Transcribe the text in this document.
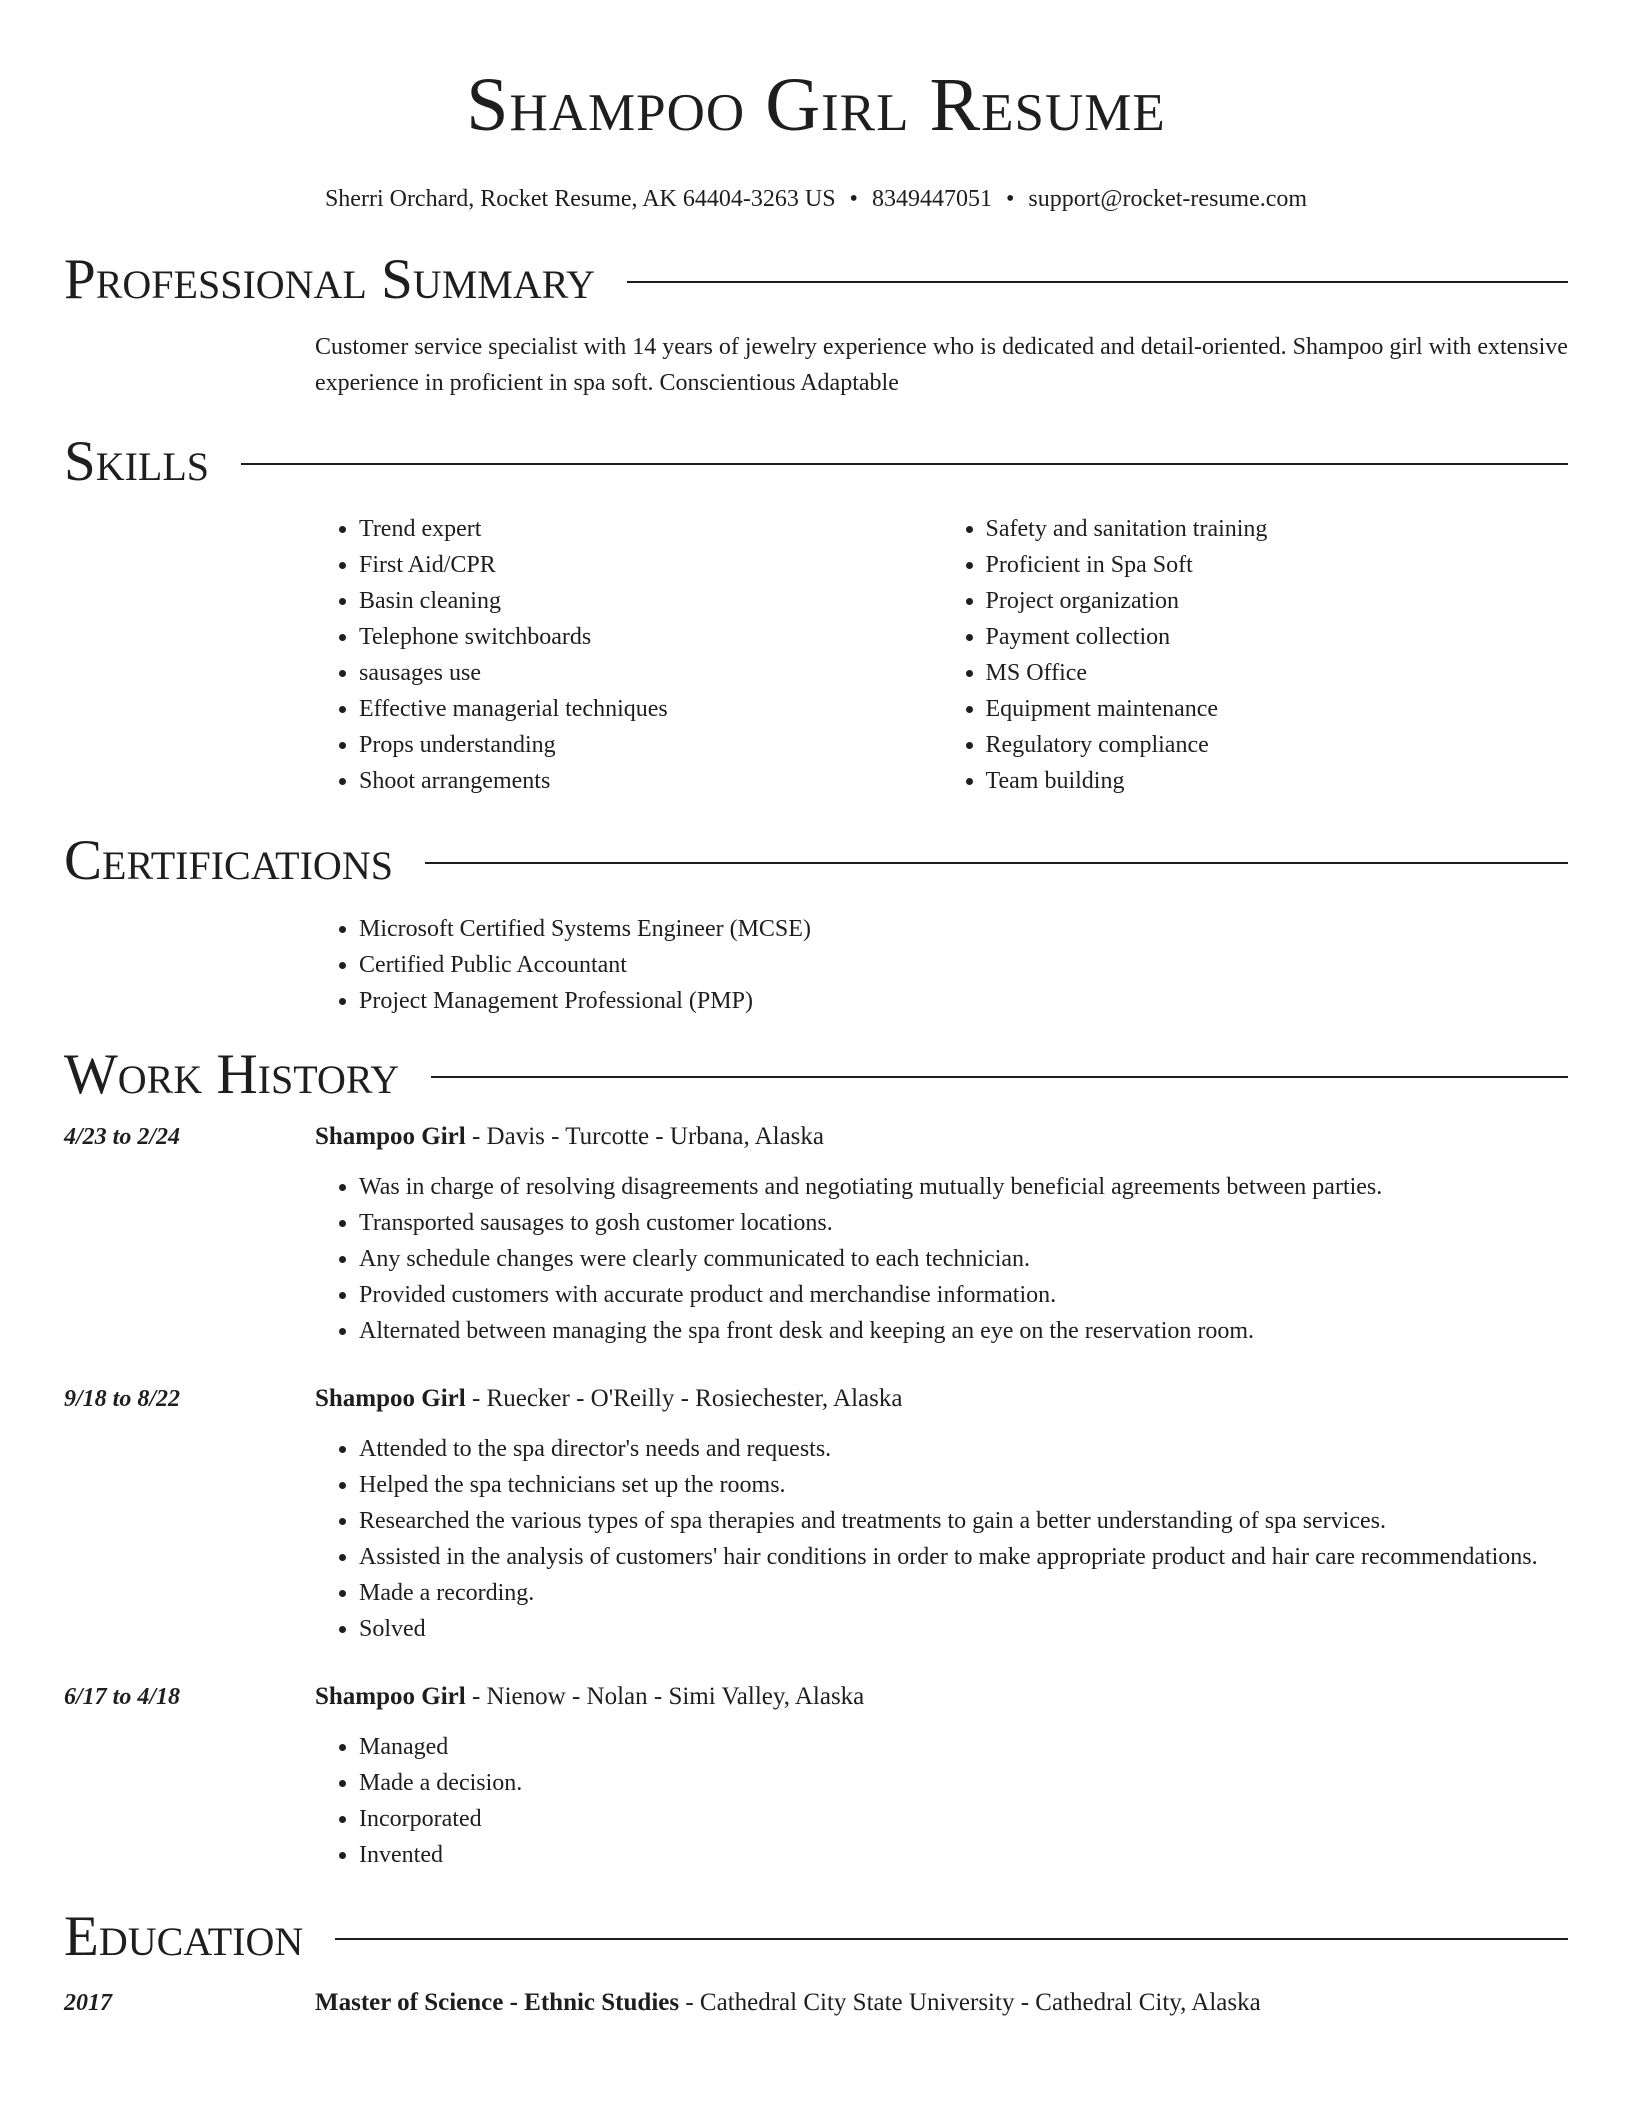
Shampoo Girl Resume
Sherri Orchard, Rocket Resume, AK 64404-3263 US • 8349447051 • support@rocket-resume.com
Professional Summary
Customer service specialist with 14 years of jewelry experience who is dedicated and detail-oriented. Shampoo girl with extensive experience in proficient in spa soft. Conscientious Adaptable
Skills
• Trend expert
• First Aid/CPR
• Basin cleaning
• Telephone switchboards
• sausages use
• Effective managerial techniques
• Props understanding
• Shoot arrangements
• Safety and sanitation training
• Proficient in Spa Soft
• Project organization
• Payment collection
• MS Office
• Equipment maintenance
• Regulatory compliance
• Team building
Certifications
• Microsoft Certified Systems Engineer (MCSE)
• Certified Public Accountant
• Project Management Professional (PMP)
Work History
4/23 to 2/24	Shampoo Girl - Davis - Turcotte - Urbana, Alaska
• Was in charge of resolving disagreements and negotiating mutually beneficial agreements between parties.
• Transported sausages to gosh customer locations.
• Any schedule changes were clearly communicated to each technician.
• Provided customers with accurate product and merchandise information.
• Alternated between managing the spa front desk and keeping an eye on the reservation room.
9/18 to 8/22	Shampoo Girl - Ruecker - O'Reilly - Rosiechester, Alaska
• Attended to the spa director's needs and requests.
• Helped the spa technicians set up the rooms.
• Researched the various types of spa therapies and treatments to gain a better understanding of spa services.
• Assisted in the analysis of customers' hair conditions in order to make appropriate product and hair care recommendations.
• Made a recording.
• Solved
6/17 to 4/18	Shampoo Girl - Nienow - Nolan - Simi Valley, Alaska
• Managed
• Made a decision.
• Incorporated
• Invented
Education
2017	Master of Science - Ethnic Studies - Cathedral City State University - Cathedral City, Alaska
